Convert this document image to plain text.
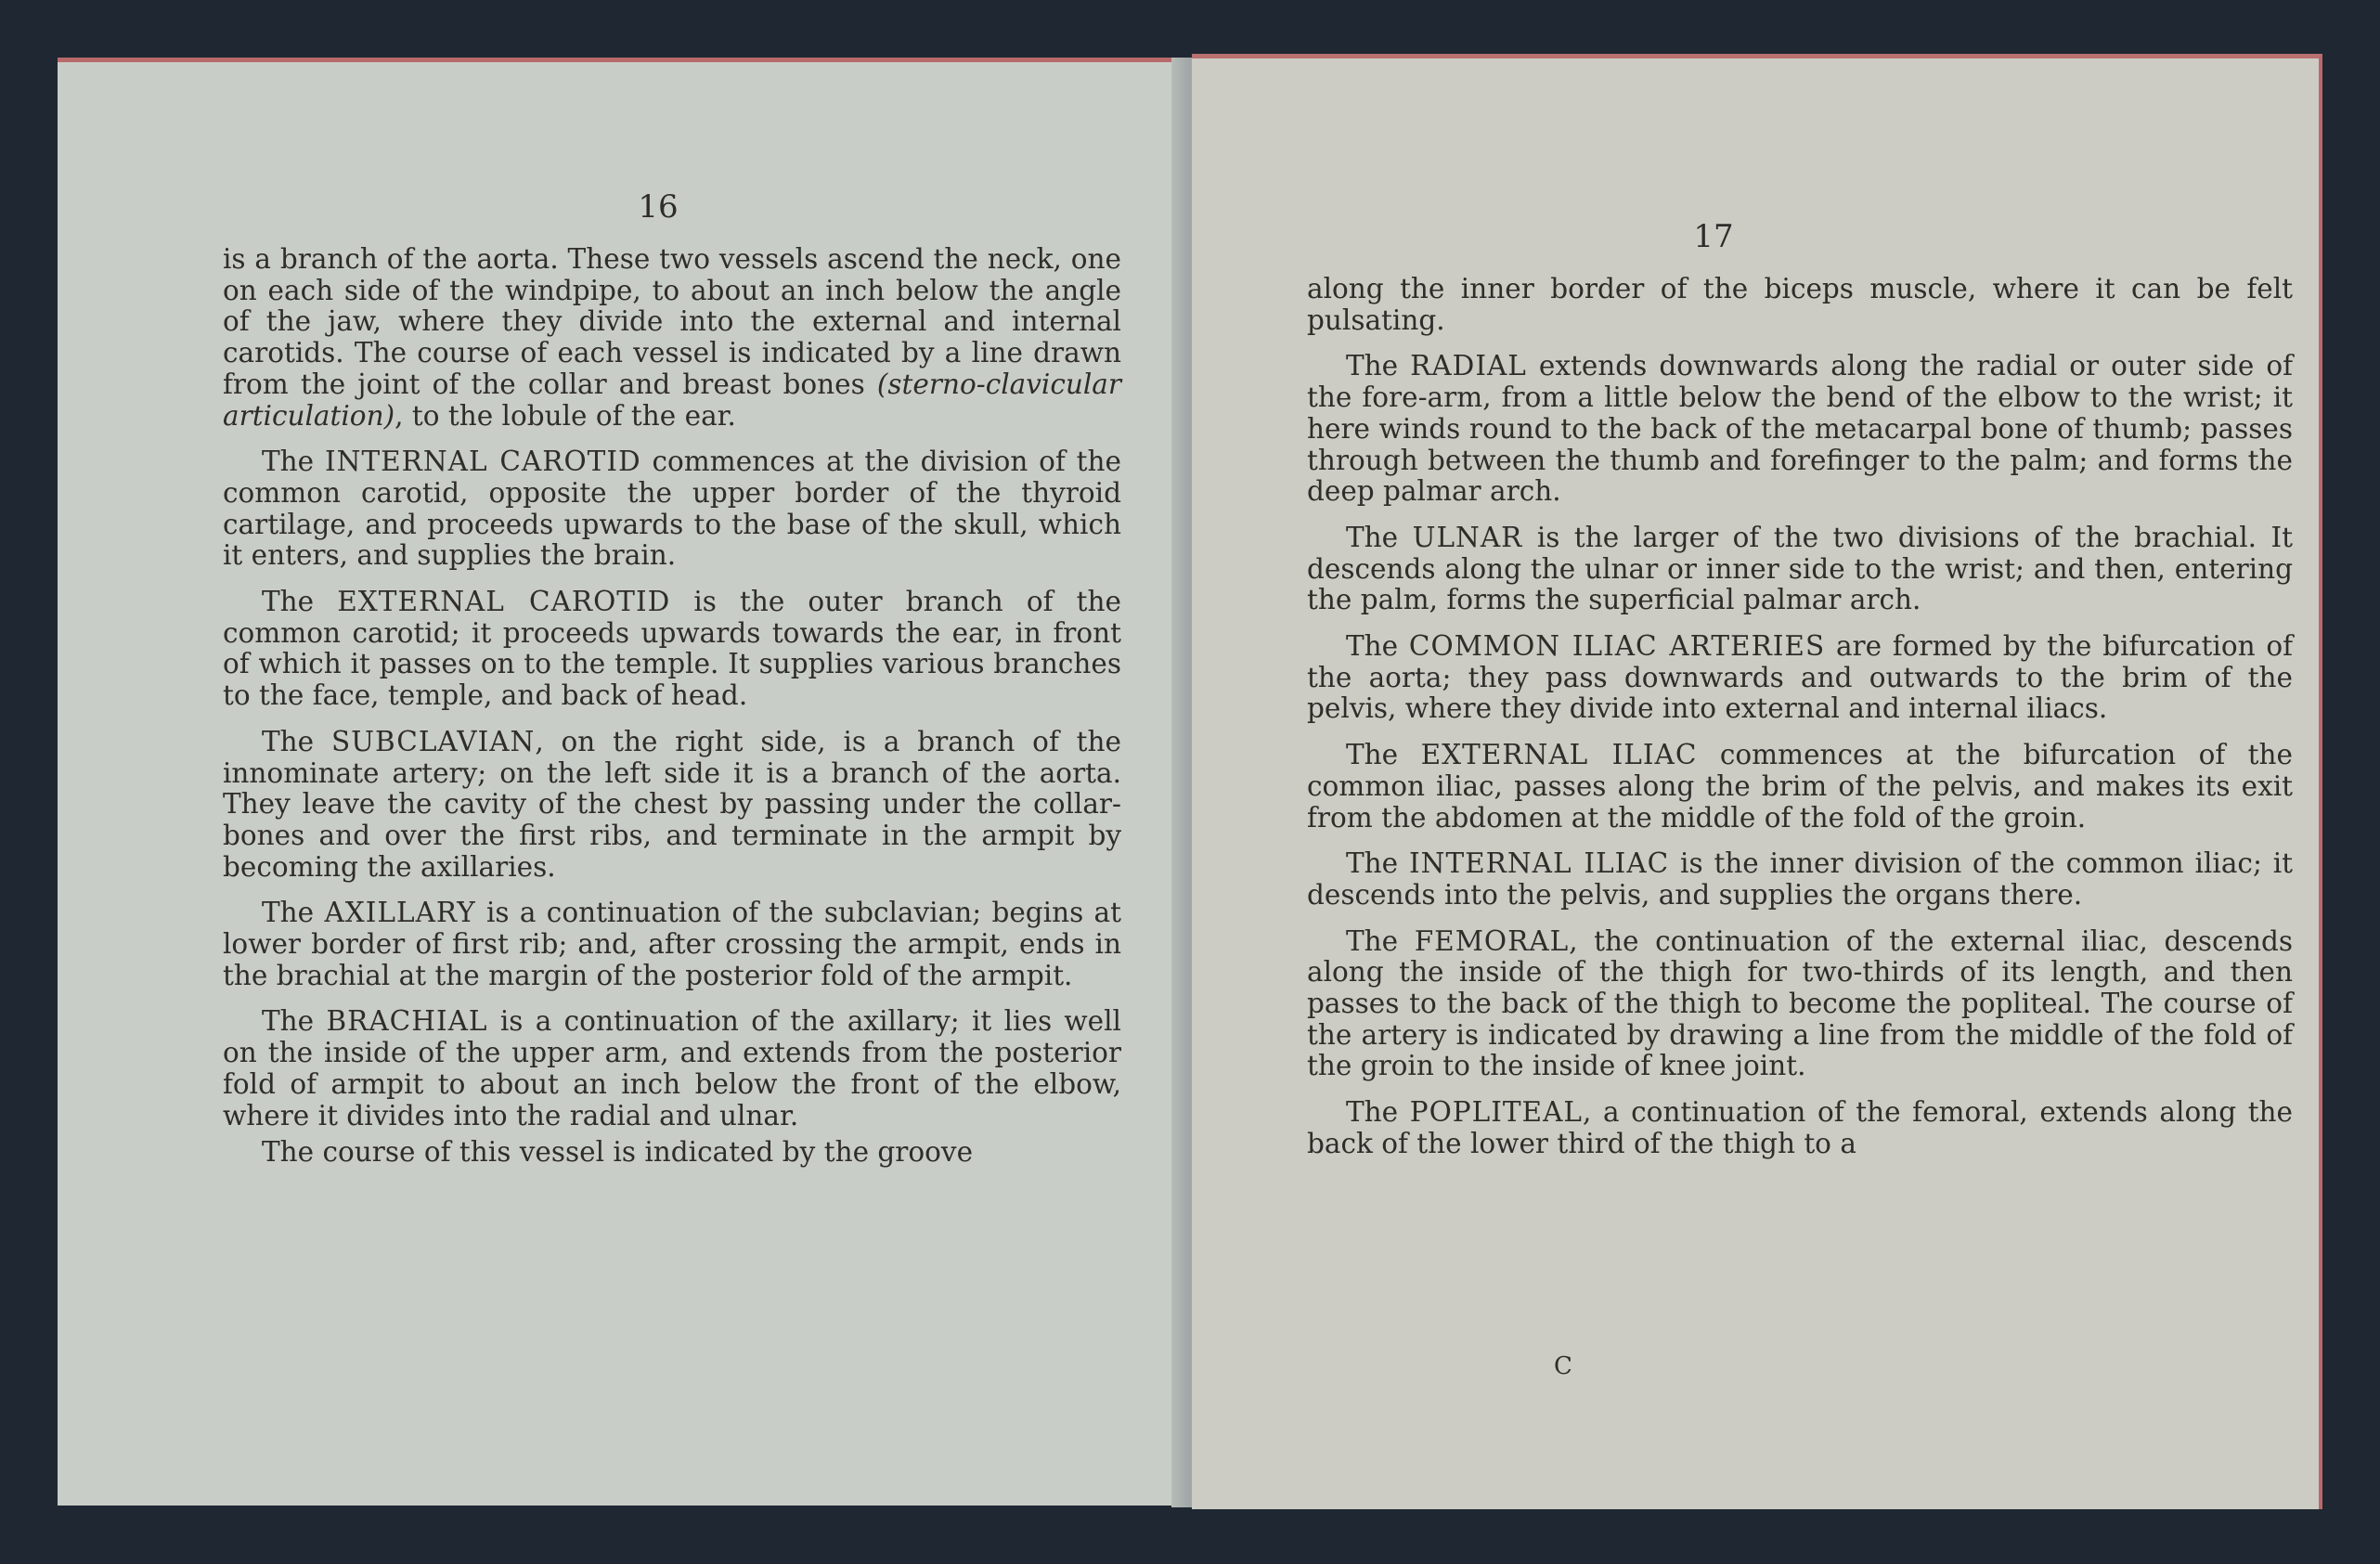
16

is a branch of the aorta. These two vessels ascend the neck, one on each side of the windpipe, to about an inch below the angle of the jaw, where they divide into the external and internal carotids. The course of each vessel is indicated by a line drawn from the joint of the collar and breast bones (sterno-clavicular articulation), to the lobule of the ear.

The INTERNAL CAROTID commences at the division of the common carotid, opposite the upper border of the thyroid cartilage, and proceeds upwards to the base of the skull, which it enters, and supplies the brain.

The EXTERNAL CAROTID is the outer branch of the common carotid; it proceeds upwards towards the ear, in front of which it passes on to the temple. It supplies various branches to the face, temple, and back of head.

The SUBCLAVIAN, on the right side, is a branch of the innominate artery; on the left side it is a branch of the aorta. They leave the cavity of the chest by passing under the collar-bones and over the first ribs, and terminate in the armpit by becoming the axillaries.

The AXILLARY is a continuation of the subclavian; begins at lower border of first rib; and, after crossing the armpit, ends in the brachial at the margin of the posterior fold of the armpit.

The BRACHIAL is a continuation of the axillary; it lies well on the inside of the upper arm, and extends from the posterior fold of armpit to about an inch below the front of the elbow, where it divides into the radial and ulnar.

The course of this vessel is indicated by the groove

17

along the inner border of the biceps muscle, where it can be felt pulsating.

The RADIAL extends downwards along the radial or outer side of the fore-arm, from a little below the bend of the elbow to the wrist; it here winds round to the back of the metacarpal bone of thumb; passes through between the thumb and forefinger to the palm; and forms the deep palmar arch.

The ULNAR is the larger of the two divisions of the brachial. It descends along the ulnar or inner side to the wrist; and then, entering the palm, forms the superficial palmar arch.

The COMMON ILIAC ARTERIES are formed by the bifurcation of the aorta; they pass downwards and outwards to the brim of the pelvis, where they divide into external and internal iliacs.

The EXTERNAL ILIAC commences at the bifurcation of the common iliac, passes along the brim of the pelvis, and makes its exit from the abdomen at the middle of the fold of the groin.

The INTERNAL ILIAC is the inner division of the common iliac; it descends into the pelvis, and supplies the organs there.

The FEMORAL, the continuation of the external iliac, descends along the inside of the thigh for two-thirds of its length, and then passes to the back of the thigh to become the popliteal. The course of the artery is indicated by drawing a line from the middle of the fold of the groin to the inside of knee joint.

The POPLITEAL, a continuation of the femoral, extends along the back of the lower third of the thigh to a

C
